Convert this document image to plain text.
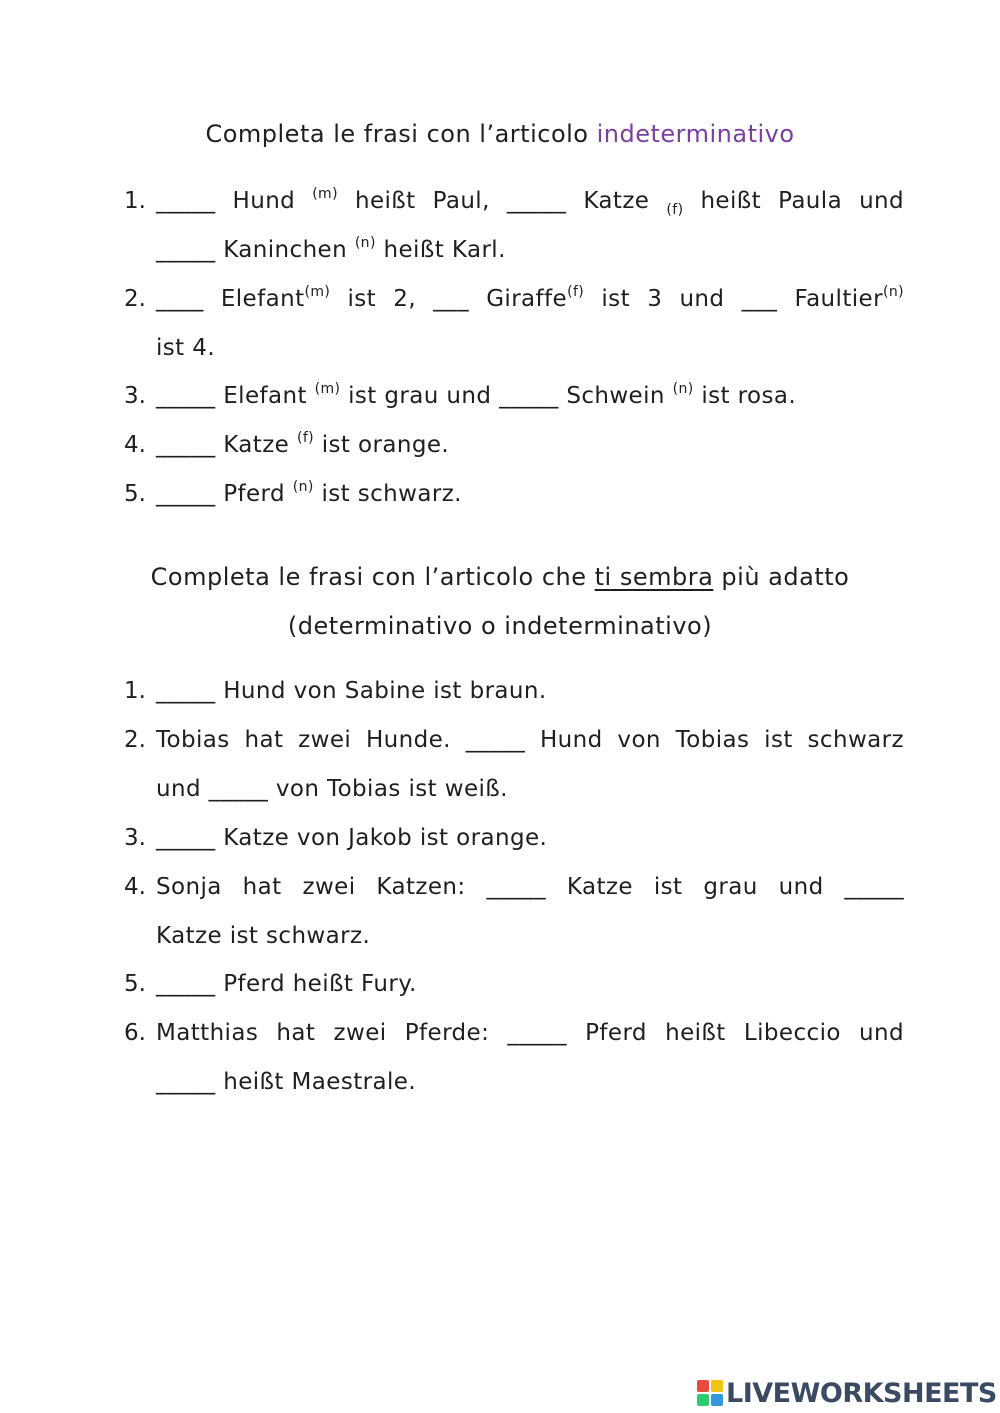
Completa le frasi con l’articolo indeterminativo
1. _____ Hund $^{(m)}$ heißt Paul, _____ Katze $_{(f)}$ heißt Paula und
_____ Kaninchen $^{(n)}$ heißt Karl.
2. ____ Elefant$^{(m)}$ ist 2, ___ Giraffe$^{(f)}$ ist 3 und ___ Faultier$^{(n)}$
ist 4.
3. _____ Elefant $^{(m)}$ ist grau und _____ Schwein $^{(n)}$ ist rosa.
4. _____ Katze $^{(f)}$ ist orange.
5. _____ Pferd $^{(n)}$ ist schwarz.
Completa le frasi con l’articolo che ti sembra più adatto
(determinativo o indeterminativo)
1. _____ Hund von Sabine ist braun.
2. Tobias hat zwei Hunde. _____ Hund von Tobias ist schwarz
und _____ von Tobias ist weiß.
3. _____ Katze von Jakob ist orange.
4. Sonja hat zwei Katzen: _____ Katze ist grau und _____
Katze ist schwarz.
5. _____ Pferd heißt Fury.
6. Matthias hat zwei Pferde: _____ Pferd heißt Libeccio und
_____ heißt Maestrale.
LIVEWORKSHEETS
